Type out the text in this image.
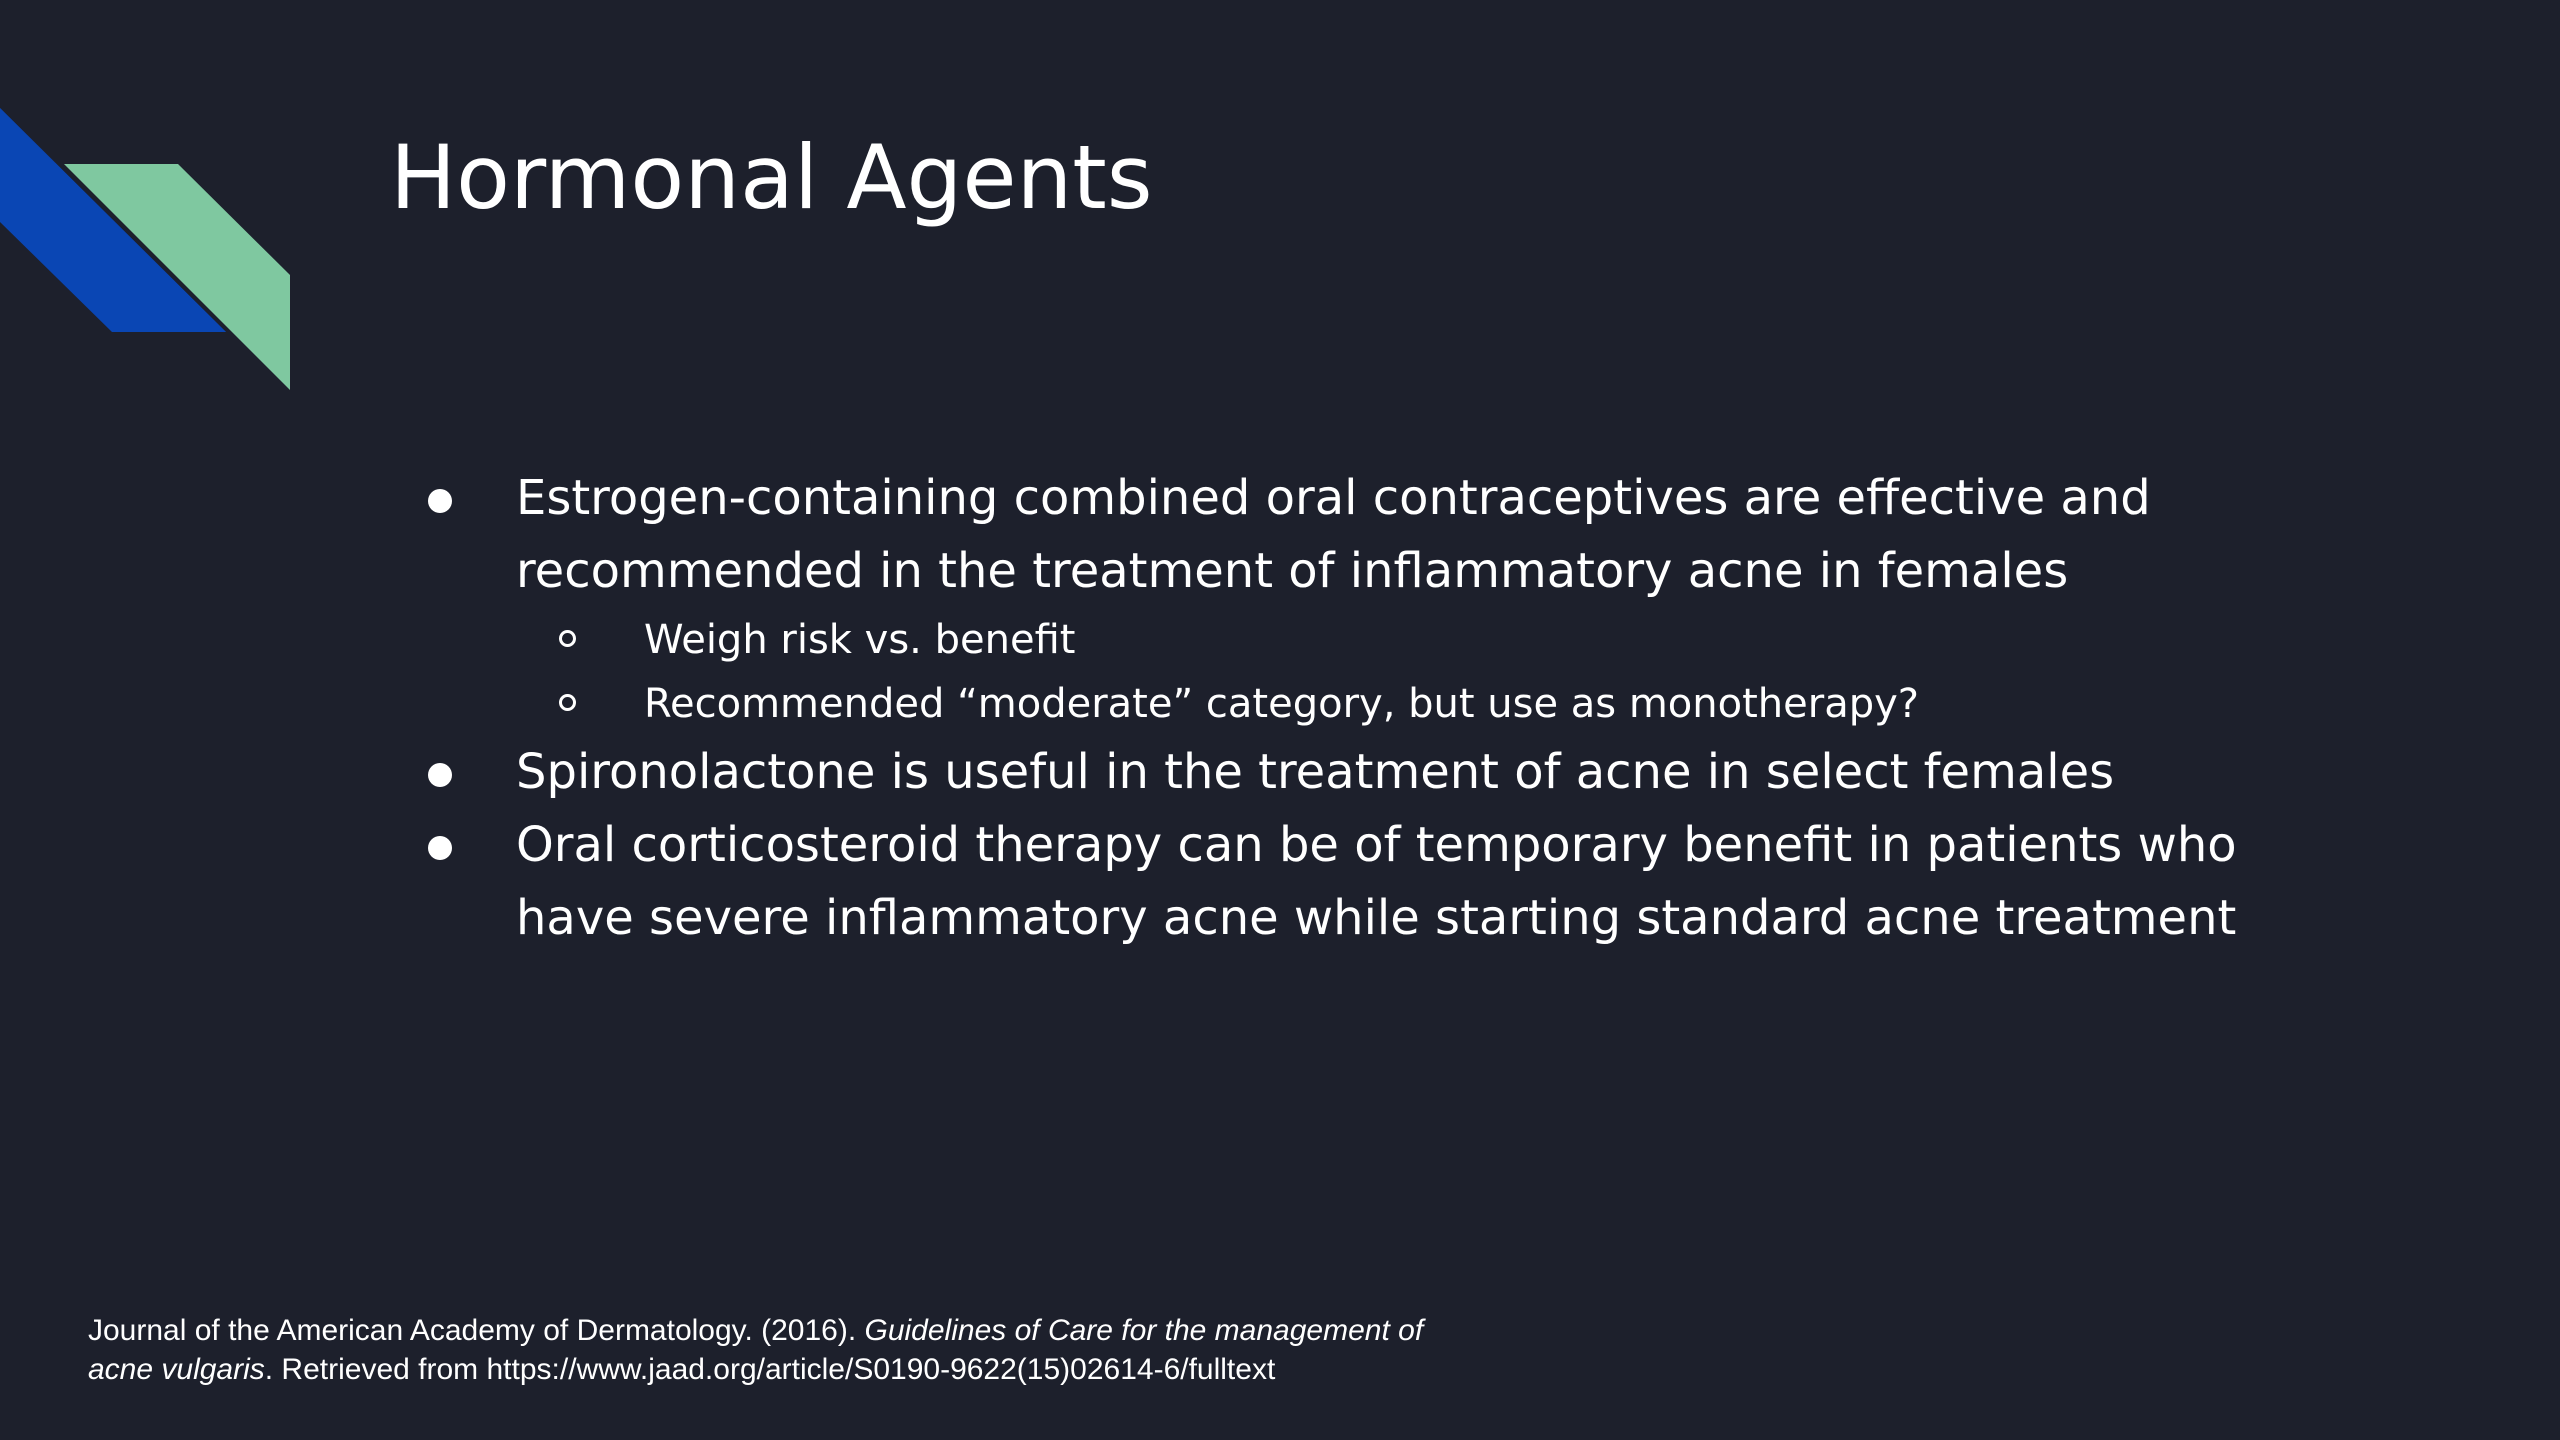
Hormonal Agents
Estrogen-containing combined oral contraceptives are effective and
recommended in the treatment of inflammatory acne in females
Weigh risk vs. benefit
Recommended “moderate” category, but use as monotherapy?
Spironolactone is useful in the treatment of acne in select females
Oral corticosteroid therapy can be of temporary benefit in patients who
have severe inflammatory acne while starting standard acne treatment
Journal of the American Academy of Dermatology. (2016). Guidelines of Care for the management of
acne vulgaris. Retrieved from https://www.jaad.org/article/S0190-9622(15)02614-6/fulltext
